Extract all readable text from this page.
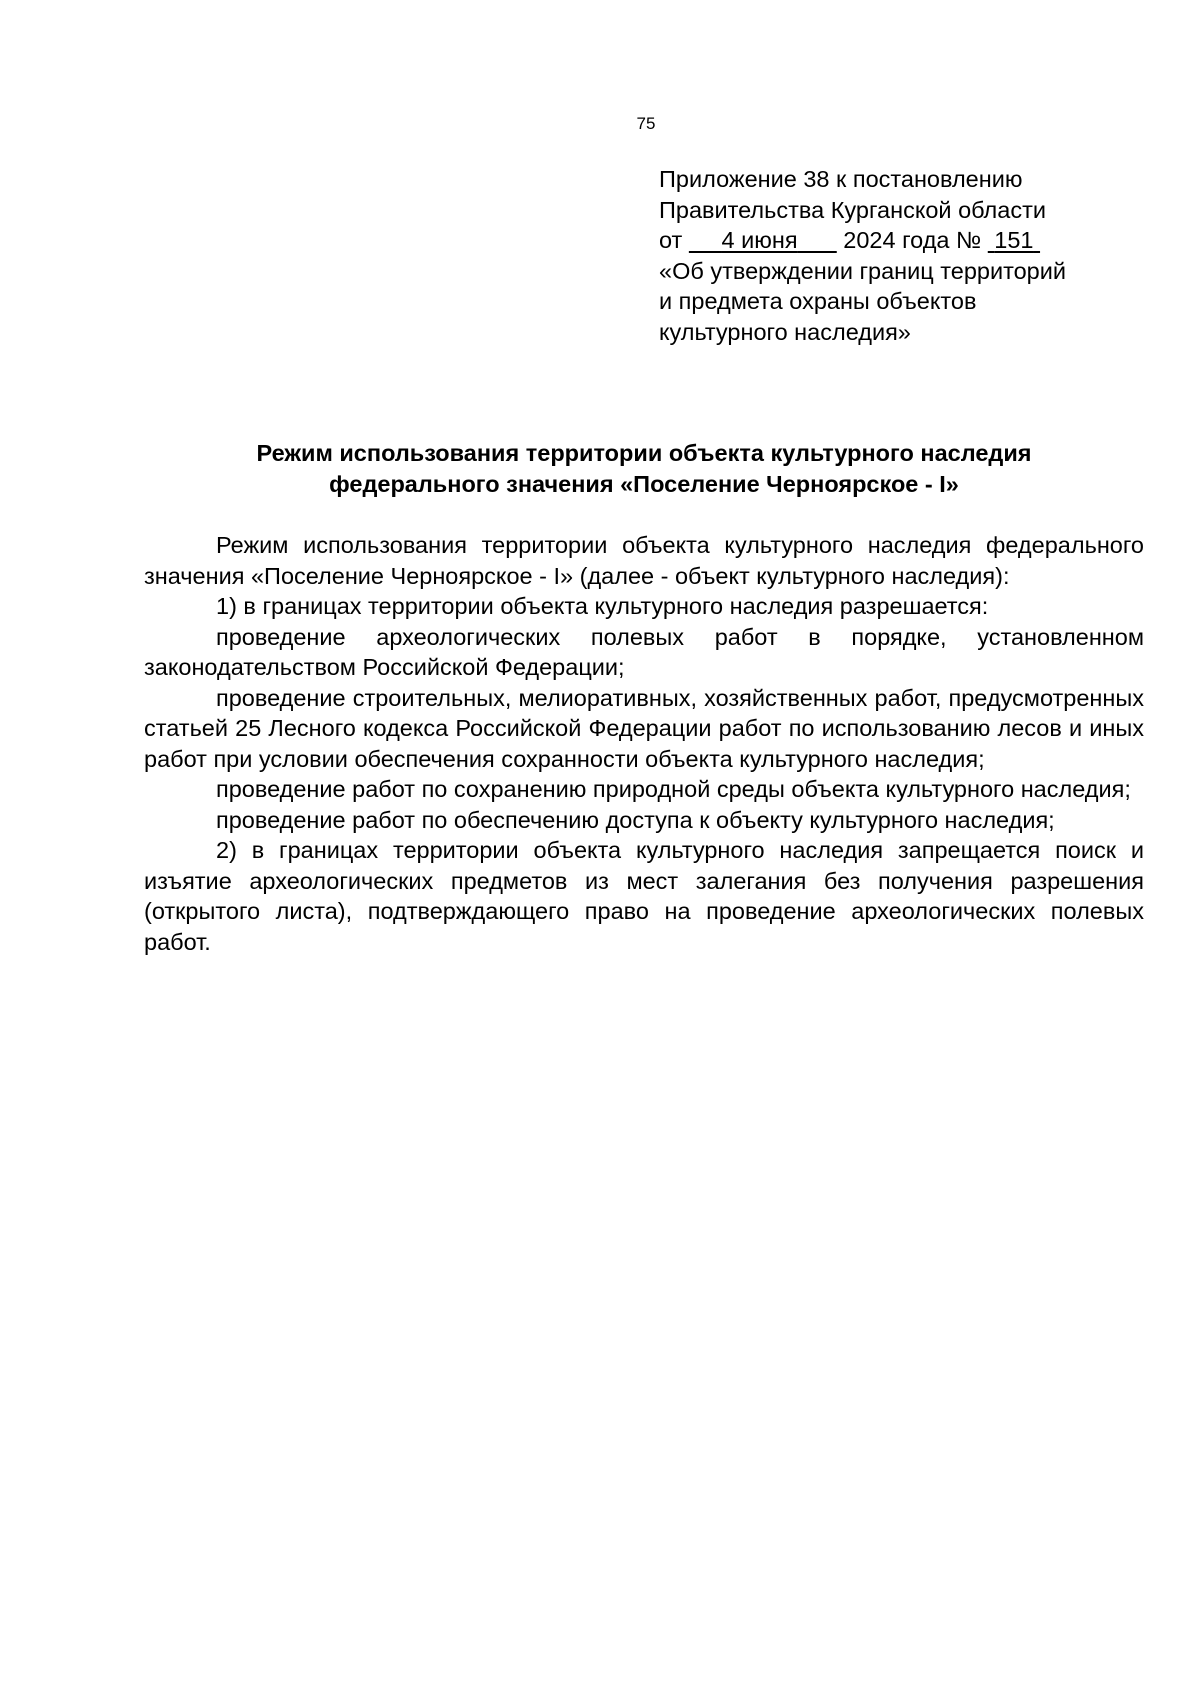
75
Приложение 38 к постановлению
Правительства Курганской области
от 4 июня 2024 года № 151
«Об утверждении границ территорий
и предмета охраны объектов
культурного наследия»
Режим использования территории объекта культурного наследия
федерального значения «Поселение Черноярское - I»

Режим использования территории объекта культурного наследия федерального значения «Поселение Черноярское - I» (далее - объект культурного наследия):

1) в границах территории объекта культурного наследия разрешается:

проведение археологических полевых работ в порядке, установленном законодательством Российской Федерации;

проведение строительных, мелиоративных, хозяйственных работ, предусмотренных статьей 25 Лесного кодекса Российской Федерации работ по использованию лесов и иных работ при условии обеспечения сохранности объекта культурного наследия;

проведение работ по сохранению природной среды объекта культурного наследия;

проведение работ по обеспечению доступа к объекту культурного наследия;

2) в границах территории объекта культурного наследия запрещается поиск и изъятие археологических предметов из мест залегания без получения разрешения (открытого листа), подтверждающего право на проведение археологических полевых работ.
